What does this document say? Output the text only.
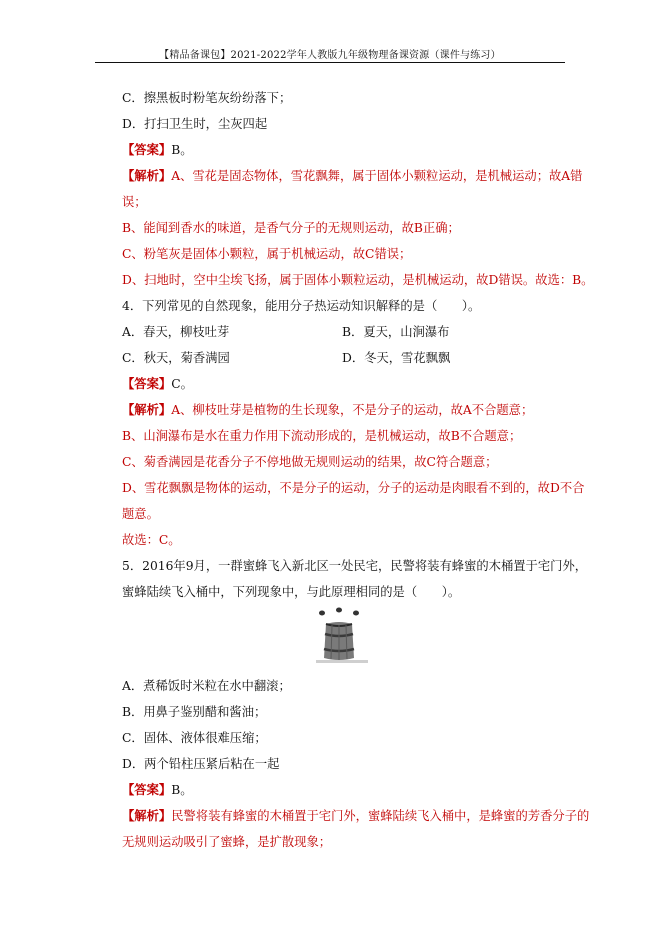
【精品备课包】2021-2022学年人教版九年级物理备课资源（课件与练习）
C．擦黑板时粉笔灰纷纷落下；
D．打扫卫生时，尘灰四起
【答案】B。
【解析】A、雪花是固态物体，雪花飘舞，属于固体小颗粒运动，是机械运动；故A错
误；
B、能闻到香水的味道，是香气分子的无规则运动，故B正确；
C、粉笔灰是固体小颗粒，属于机械运动，故C错误；
D、扫地时，空中尘埃飞扬，属于固体小颗粒运动，是机械运动，故D错误。故选：B。
4．下列常见的自然现象，能用分子热运动知识解释的是（　　）。
A．春天，柳枝吐芽	B．夏天，山涧瀑布
C．秋天，菊香满园	D．冬天，雪花飘飘
【答案】C。
【解析】A、柳枝吐芽是植物的生长现象，不是分子的运动，故A不合题意；
B、山涧瀑布是水在重力作用下流动形成的，是机械运动，故B不合题意；
C、菊香满园是花香分子不停地做无规则运动的结果，故C符合题意；
D、雪花飘飘是物体的运动，不是分子的运动，分子的运动是肉眼看不到的，故D不合
题意。
故选：C。
5．2016年9月，一群蜜蜂飞入新北区一处民宅，民警将装有蜂蜜的木桶置于宅门外，
蜜蜂陆续飞入桶中，下列现象中，与此原理相同的是（　　）。
A．煮稀饭时米粒在水中翻滚；
B．用鼻子鉴别醋和酱油；
C．固体、液体很难压缩；
D．两个铅柱压紧后粘在一起
【答案】B。
【解析】民警将装有蜂蜜的木桶置于宅门外，蜜蜂陆续飞入桶中，是蜂蜜的芳香分子的
无规则运动吸引了蜜蜂，是扩散现象；
